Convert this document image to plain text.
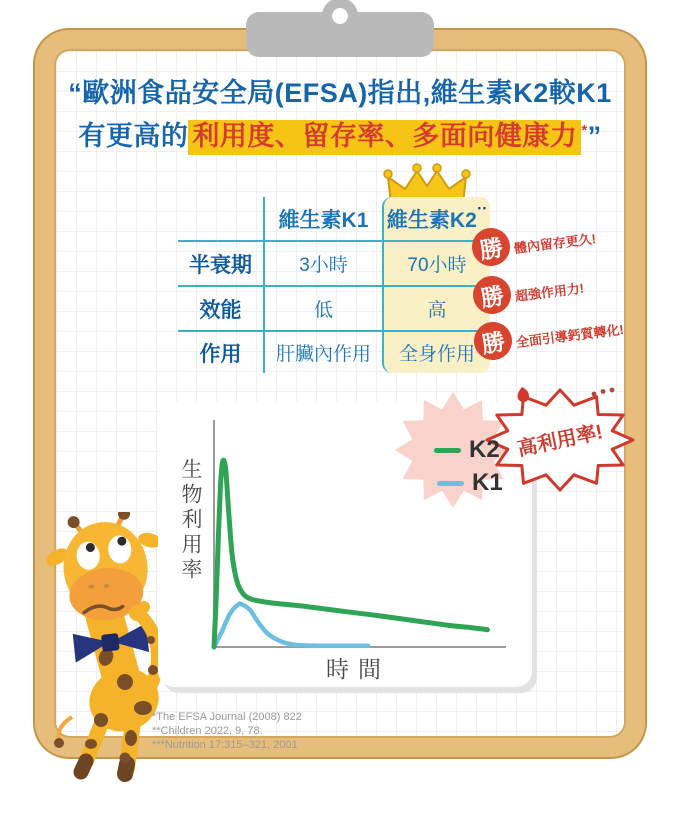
“歐洲食品安全局(EFSA)指出,維生素K2較K1
有更高的 利用度、留存率、多面向健康力 *”
維生素K1 維生素K2
••
半衰期	3小時	70小時
效能	低	高
作用	肝臟內作用	全身作用
勝 體內留存更久!
勝 超強作用力!
勝 全面引導鈣質轉化!
生物利用率
時間
高利用率!
K2
K1
*The EFSA Journal (2008) 822
**Children 2022, 9, 78.
***Nutrition 17:315–321, 2001
